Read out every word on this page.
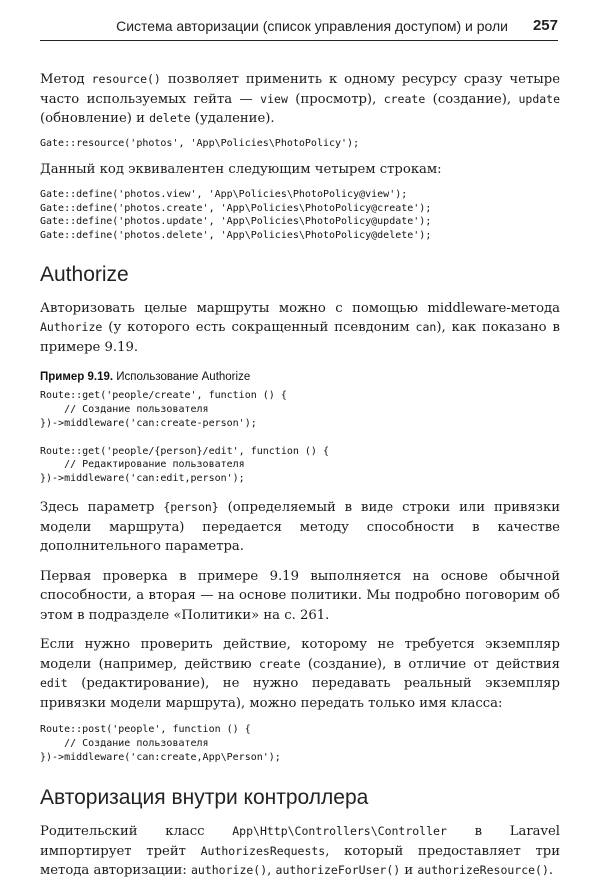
Система авторизации (список управления доступом) и роли 257

Метод resource() позволяет применить к одному ресурсу сразу четыре часто используемых гейта — view (просмотр), create (создание), update (обновление) и delete (удаление).

Gate::resource('photos', 'App\Policies\PhotoPolicy');

Данный код эквивалентен следующим четырем строкам:

Gate::define('photos.view', 'App\Policies\PhotoPolicy@view');
Gate::define('photos.create', 'App\Policies\PhotoPolicy@create');
Gate::define('photos.update', 'App\Policies\PhotoPolicy@update');
Gate::define('photos.delete', 'App\Policies\PhotoPolicy@delete');
Authorize

Авторизовать целые маршруты можно с помощью middleware-метода Authorize (у которого есть сокращенный псевдоним can), как показано в примере 9.19.

Пример 9.19. Использование Authorize
Route::get('people/create', function () {
// Создание пользователя
})->middleware('can:create-person');
Route::get('people/{person}/edit', function () {
// Редактирование пользователя
})->middleware('can:edit,person');

Здесь параметр {person} (определяемый в виде строки или привязки модели маршрута) передается методу способности в качестве дополнительного параметра.

Первая проверка в примере 9.19 выполняется на основе обычной способности, а вторая — на основе политики. Мы подробно поговорим об этом в подразделе «Политики» на с. 261.

Если нужно проверить действие, которому не требуется экземпляр модели (например, действию create (создание), в отличие от действия edit (редактирование), не нужно передавать реальный экземпляр привязки модели маршрута), можно передать только имя класса:

Route::post('people', function () {
// Создание пользователя
})->middleware('can:create,App\Person');
Авторизация внутри контроллера

Родительский класс App\Http\Controllers\Controller в Laravel импортирует трейт AuthorizesRequests, который предоставляет три метода авторизации: authorize(), authorizeForUser() и authorizeResource().
